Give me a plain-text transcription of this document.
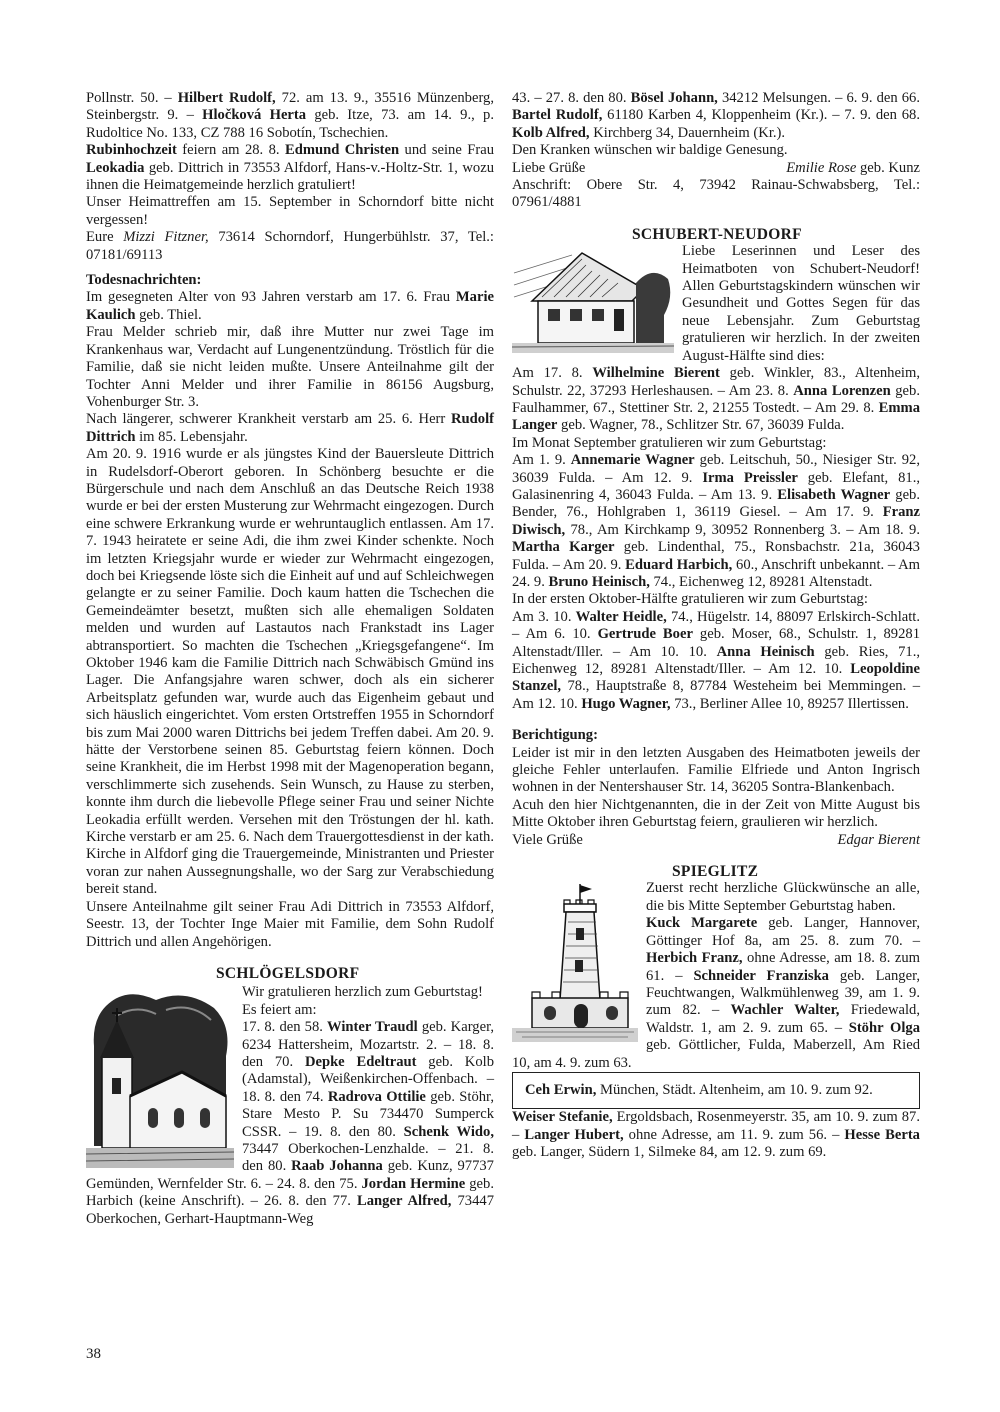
Pollnstr. 50. – Hilbert Rudolf, 72. am 13. 9., 35516 Münzenberg, Steinbergstr. 9. – Hločková Herta geb. Itze, 73. am 14. 9., p. Rudoltice No. 133, CZ 788 16 Sobotín, Tschechien.

Rubinhochzeit feiern am 28. 8. Edmund Christen und seine Frau Leokadia geb. Dittrich in 73553 Alfdorf, Hans-v.-Holtz-Str. 1, wozu ihnen die Heimatgemeinde herzlich gratuliert!

Unser Heimattreffen am 15. September in Schorndorf bitte nicht vergessen!

Eure Mizzi Fitzner, 73614 Schorndorf, Hungerbühlstr. 37, Tel.: 07181/69113

Todesnachrichten:

Im gesegneten Alter von 93 Jahren verstarb am 17. 6. Frau Marie Kaulich geb. Thiel.

Frau Melder schrieb mir, daß ihre Mutter nur zwei Tage im Krankenhaus war, Verdacht auf Lungenentzündung. Tröstlich für die Familie, daß sie nicht leiden mußte. Unsere Anteilnahme gilt der Tochter Anni Melder und ihrer Familie in 86156 Augsburg, Vohenburger Str. 3.

Nach längerer, schwerer Krankheit verstarb am 25. 6. Herr Rudolf Dittrich im 85. Lebensjahr.

Am 20. 9. 1916 wurde er als jüngstes Kind der Bauersleute Dittrich in Rudelsdorf-Oberort geboren. In Schönberg besuchte er die Bürgerschule und nach dem Anschluß an das Deutsche Reich 1938 wurde er bei der ersten Musterung zur Wehrmacht eingezogen. Durch eine schwere Erkrankung wurde er wehruntauglich entlassen. Am 17. 7. 1943 heiratete er seine Adi, die ihm zwei Kinder schenkte. Noch im letzten Kriegsjahr wurde er wieder zur Wehrmacht eingezogen, doch bei Kriegsende löste sich die Einheit auf und auf Schleichwegen gelangte er zu seiner Familie. Doch kaum hatten die Tschechen die Gemeindeämter besetzt, mußten sich alle ehemaligen Soldaten melden und wurden auf Lastautos nach Frankstadt ins Lager abtransportiert. So machten die Tschechen „Kriegsgefangene“. Im Oktober 1946 kam die Familie Dittrich nach Schwäbisch Gmünd ins Lager. Die Anfangsjahre waren schwer, doch als ein sicherer Arbeitsplatz gefunden war, wurde auch das Eigenheim gebaut und sich häuslich eingerichtet. Vom ersten Ortstreffen 1955 in Schorndorf bis zum Mai 2000 waren Dittrichs bei jedem Treffen dabei. Am 20. 9. hätte der Verstorbene seinen 85. Geburtstag feiern können. Doch seine Krankheit, die im Herbst 1998 mit der Magenoperation begann, verschlimmerte sich zusehends. Sein Wunsch, zu Hause zu sterben, konnte ihm durch die liebevolle Pflege seiner Frau und seiner Nichte Leokadia erfüllt werden. Versehen mit den Tröstungen der hl. kath. Kirche verstarb er am 25. 6. Nach dem Trauergottesdienst in der kath. Kirche in Alfdorf ging die Trauergemeinde, Ministranten und Priester voran zur nahen Aussegnungshalle, wo der Sarg zur Verabschiedung bereit stand.

Unsere Anteilnahme gilt seiner Frau Adi Dittrich in 73553 Alfdorf, Seestr. 13, der Tochter Inge Maier mit Familie, dem Sohn Rudolf Dittrich und allen Angehörigen.

SCHLÖGELSDORF

Wir gratulieren herzlich zum Geburtstag!

Es feiert am:

17. 8. den 58. Winter Traudl geb. Karger, 6234 Hattersheim, Mozartstr. 2. – 18. 8. den 70. Depke Edeltraut geb. Kolb (Adamstal), Weißenkirchen-Offenbach. – 18. 8. den 74. Radrova Ottilie geb. Stöhr, Stare Mesto P. Su 734470 Sumperck CSSR. – 19. 8. den 80. Schenk Wido, 73447 Oberkochen-Lenzhalde. – 21. 8. den 80. Raab Johanna geb. Kunz, 97737 Gemünden, Wernfelder Str. 6. – 24. 8. den 75. Jordan Hermine geb. Harbich (keine Anschrift). – 26. 8. den 77. Langer Alfred, 73447 Oberkochen, Gerhart-Hauptmann-Weg

43. – 27. 8. den 80. Bösel Johann, 34212 Melsungen. – 6. 9. den 66. Bartel Rudolf, 61180 Karben 4, Kloppenheim (Kr.). – 7. 9. den 68. Kolb Alfred, Kirchberg 34, Dauernheim (Kr.).

Den Kranken wünschen wir baldige Genesung.

Liebe Grüße	Emilie Rose geb. Kunz

Anschrift: Obere Str. 4, 73942 Rainau-Schwabsberg, Tel.: 07961/4881

SCHUBERT-NEUDORF

Liebe Leserinnen und Leser des Heimatboten von Schubert-Neudorf! Allen Geburtstagskindern wünschen wir Gesundheit und Gottes Segen für das neue Lebensjahr. Zum Geburtstag gratulieren wir herzlich. In der zweiten August-Hälfte sind dies:

Am 17. 8. Wilhelmine Bierent geb. Winkler, 83., Altenheim, Schulstr. 22, 37293 Herleshausen. – Am 23. 8. Anna Lorenzen geb. Faulhammer, 67., Stettiner Str. 2, 21255 Tostedt. – Am 29. 8. Emma Langer geb. Wagner, 78., Schlitzer Str. 67, 36039 Fulda.

Im Monat September gratulieren wir zum Geburtstag:

Am 1. 9. Annemarie Wagner geb. Leitschuh, 50., Niesiger Str. 92, 36039 Fulda. – Am 12. 9. Irma Preissler geb. Elefant, 81., Galasinenring 4, 36043 Fulda. – Am 13. 9. Elisabeth Wagner geb. Bender, 76., Hohlgraben 1, 36119 Giesel. – Am 17. 9. Franz Diwisch, 78., Am Kirchkamp 9, 30952 Ronnenberg 3. – Am 18. 9. Martha Karger geb. Lindenthal, 75., Ronsbachstr. 21a, 36043 Fulda. – Am 20. 9. Eduard Harbich, 60., Anschrift unbekannt. – Am 24. 9. Bruno Heinisch, 74., Eichenweg 12, 89281 Altenstadt.

In der ersten Oktober-Hälfte gratulieren wir zum Geburtstag:

Am 3. 10. Walter Heidle, 74., Hügelstr. 14, 88097 Erlskirch-Schlatt. – Am 6. 10. Gertrude Boer geb. Moser, 68., Schulstr. 1, 89281 Altenstadt/Iller. – Am 10. 10. Anna Heinisch geb. Ries, 71., Eichenweg 12, 89281 Altenstadt/Iller. – Am 12. 10. Leopoldine Stanzel, 78., Hauptstraße 8, 87784 Westeheim bei Memmingen. – Am 12. 10. Hugo Wagner, 73., Berliner Allee 10, 89257 Illertissen.

Berichtigung:

Leider ist mir in den letzten Ausgaben des Heimatboten jeweils der gleiche Fehler unterlaufen. Familie Elfriede und Anton Ingrisch wohnen in der Nentershauser Str. 14, 36205 Sontra-Blankenbach.

Acuh den hier Nichtgenannten, die in der Zeit von Mitte August bis Mitte Oktober ihren Geburtstag feiern, graulieren wir herzlich.

Viele Grüße	Edgar Bierent

SPIEGLITZ

Zuerst recht herzliche Glückwünsche an alle, die bis Mitte September Geburtstag haben.

Kuck Margarete geb. Langer, Hannover, Göttinger Hof 8a, am 25. 8. zum 70. – Herbich Franz, ohne Adresse, am 18. 8. zum 61. – Schneider Franziska geb. Langer, Feuchtwangen, Walkmühlenweg 39, am 1. 9. zum 82. – Wachler Walter, Friedewald, Waldstr. 1, am 2. 9. zum 65. – Stöhr Olga geb. Göttlicher, Fulda, Maberzell, Am Ried 10, am 4. 9. zum 63.

Ceh Erwin, München, Städt. Altenheim, am 10. 9. zum 92.

Weiser Stefanie, Ergoldsbach, Rosenmeyerstr. 35, am 10. 9. zum 87. – Langer Hubert, ohne Adresse, am 11. 9. zum 56. – Hesse Berta geb. Langer, Südern 1, Silmeke 84, am 12. 9. zum 69.

38
